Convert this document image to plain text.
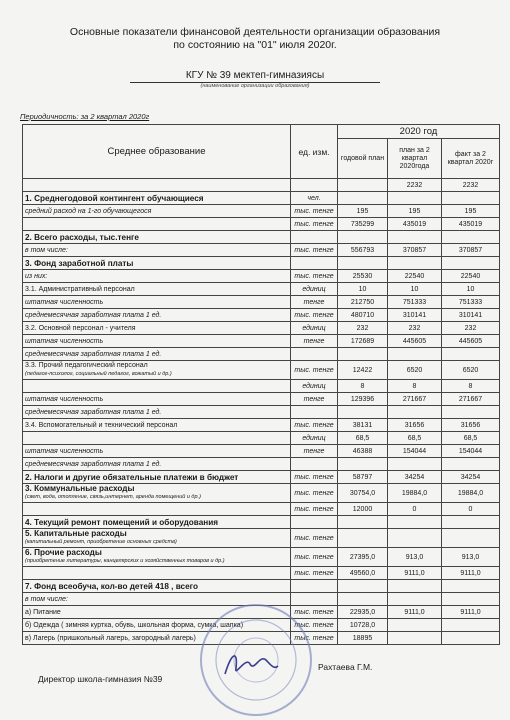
Основные показатели финансовой деятельности организации образования
по состоянию на "01" июля 2020г.
КГУ № 39 мектеп-гимназиясы
(наименование организации образования)
Периодичность: за 2 квартал 2020г
Среднее образование	ед. изм.	2020 год		
		годовой план	план за 2 квартал 2020года	факт за 2 квартал 2020г
			2232	2232
1. Среднегодовой контингент обучающиеся	чел.			
средний расход на 1-го обучающегося	тыс. тенге	195	195	195
	тыс. тенге	735299	435019	435019
2. Всего расходы, тыс.тенге				
в том числе:	тыс. тенге	556793	370857	370857
3. Фонд заработной платы				
из них:	тыс. тенге	25530	22540	22540
3.1. Административный персонал	единиц	10	10	10
штатная численность	тенге	212750	751333	751333
среднемесячная заработная плата 1 ед.	тыс. тенге	480710	310141	310141
3.2. Основной персонал - учителя	единиц	232	232	232
штатная численность	тенге	172689	445605	445605
среднемесячная заработная плата 1 ед.				

3.3. Прочий педагогический персонал
(педагог-психолог, социальный педагог, вожатый и др.)	тыс. тенге	12422	6520	6520
	единиц	8	8	8
штатная численность	тенге	129396	271667	271667
среднемесячная заработная плата 1 ед.				
3.4. Вспомогательный и технический персонал	тыс. тенге	38131	31656	31656
	единиц	68,5	68,5	68,5
штатная численность	тенге	46388	154044	154044
среднемесячная заработная плата 1 ед.				
2. Налоги и другие обязательные платежи в бюджет	тыс. тенге	58797	34254	34254

3. Коммунальные расходы
(свет, вода, отопление, связь,интернет, аренда помещений и др.)	тыс. тенге	30754,0	19884,0	19884,0
	тыс. тенге	12000	0	0
4. Текущий ремонт помещений и оборудования				

5. Капитальные расходы
(капитальный ремонт, приобретение основных средств)	тыс. тенге			

6. Прочие расходы
(приобретение литературы, канцелярских и хозяйственных товаров и др.)	тыс. тенге	27395,0	913,0	913,0
	тыс. тенге	49560,0	9111,0	9111,0
7. Фонд всеобуча, кол-во детей 418 , всего				
в том числе:				
а) Питание	тыс. тенге	22935,0	9111,0	9111,0
б) Одежда ( зимняя куртка, обувь, школьная форма, сумка, шапка)	тыс. тенге	10728,0		
в) Лагерь (пришкольный лагерь, загородный лагерь)	тыс. тенге	18895		
Директор школа-гимназия №39
Рахтаева Г.М.
